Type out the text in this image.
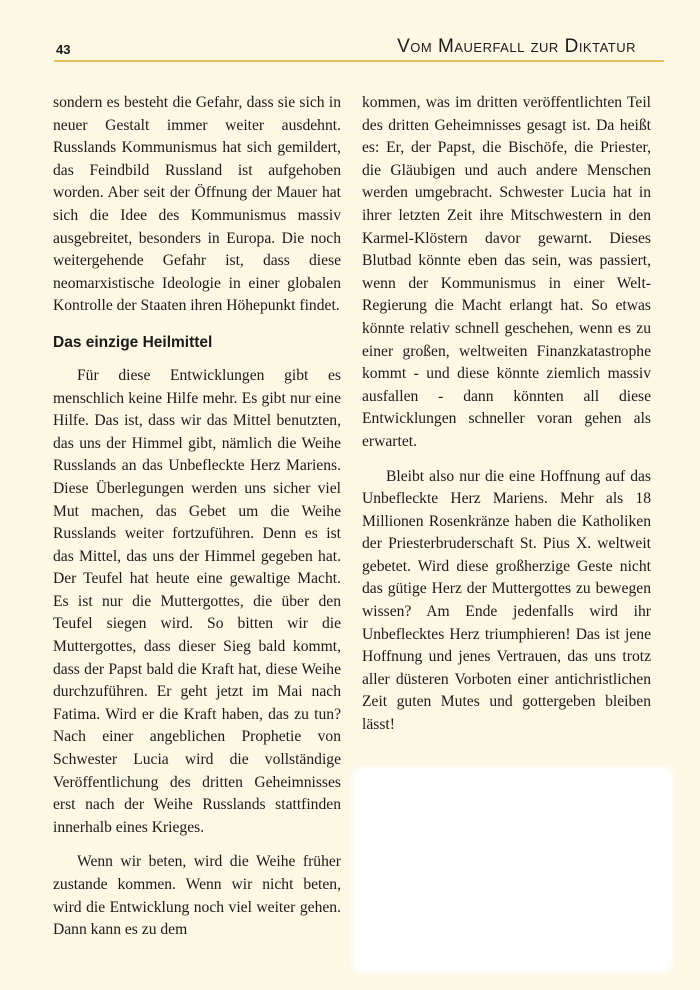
43	Vom Mauerfall zur Diktatur

sondern es besteht die Gefahr, dass sie sich in neuer Gestalt immer weiter ausdehnt. Russlands Kommunismus hat sich gemildert, das Feindbild Russland ist aufgehoben worden. Aber seit der Öffnung der Mauer hat sich die Idee des Kommunismus massiv ausgebreitet, besonders in Europa. Die noch weitergehende Gefahr ist, dass diese neomarxistische Ideologie in einer globalen Kontrolle der Staaten ihren Höhepunkt findet.

Das einzige Heilmittel

Für diese Entwicklungen gibt es menschlich keine Hilfe mehr. Es gibt nur eine Hilfe. Das ist, dass wir das Mittel benutzten, das uns der Himmel gibt, nämlich die Weihe Russlands an das Unbefleckte Herz Mariens. Diese Überlegungen werden uns sicher viel Mut machen, das Gebet um die Weihe Russlands weiter fortzuführen. Denn es ist das Mittel, das uns der Himmel gegeben hat. Der Teufel hat heute eine gewaltige Macht. Es ist nur die Muttergottes, die über den Teufel siegen wird. So bitten wir die Muttergottes, dass dieser Sieg bald kommt, dass der Papst bald die Kraft hat, diese Weihe durchzuführen. Er geht jetzt im Mai nach Fatima. Wird er die Kraft haben, das zu tun? Nach einer angeblichen Prophetie von Schwester Lucia wird die vollständige Veröffentlichung des dritten Geheimnisses erst nach der Weihe Russlands stattfinden innerhalb eines Krieges.

Wenn wir beten, wird die Weihe früher zustande kommen. Wenn wir nicht beten, wird die Entwicklung noch viel weiter gehen. Dann kann es zu dem

kommen, was im dritten veröffentlichten Teil des dritten Geheimnisses gesagt ist. Da heißt es: Er, der Papst, die Bischöfe, die Priester, die Gläubigen und auch andere Menschen werden umgebracht. Schwester Lucia hat in ihrer letzten Zeit ihre Mitschwestern in den Karmel-Klöstern davor gewarnt. Dieses Blutbad könnte eben das sein, was passiert, wenn der Kommunismus in einer Welt-Regierung die Macht erlangt hat. So etwas könnte relativ schnell geschehen, wenn es zu einer großen, weltweiten Finanzkatastrophe kommt - und diese könnte ziemlich massiv ausfallen - dann könnten all diese Entwicklungen schneller voran gehen als erwartet.

Bleibt also nur die eine Hoffnung auf das Unbefleckte Herz Mariens. Mehr als 18 Millionen Rosenkränze haben die Katholiken der Priesterbruderschaft St. Pius X. weltweit gebetet. Wird diese großherzige Geste nicht das gütige Herz der Muttergottes zu bewegen wissen? Am Ende jedenfalls wird ihr Unbeflecktes Herz triumphieren! Das ist jene Hoffnung und jenes Vertrauen, das uns trotz aller düsteren Vorboten einer antichristlichen Zeit guten Mutes und gottergeben bleiben lässt!
